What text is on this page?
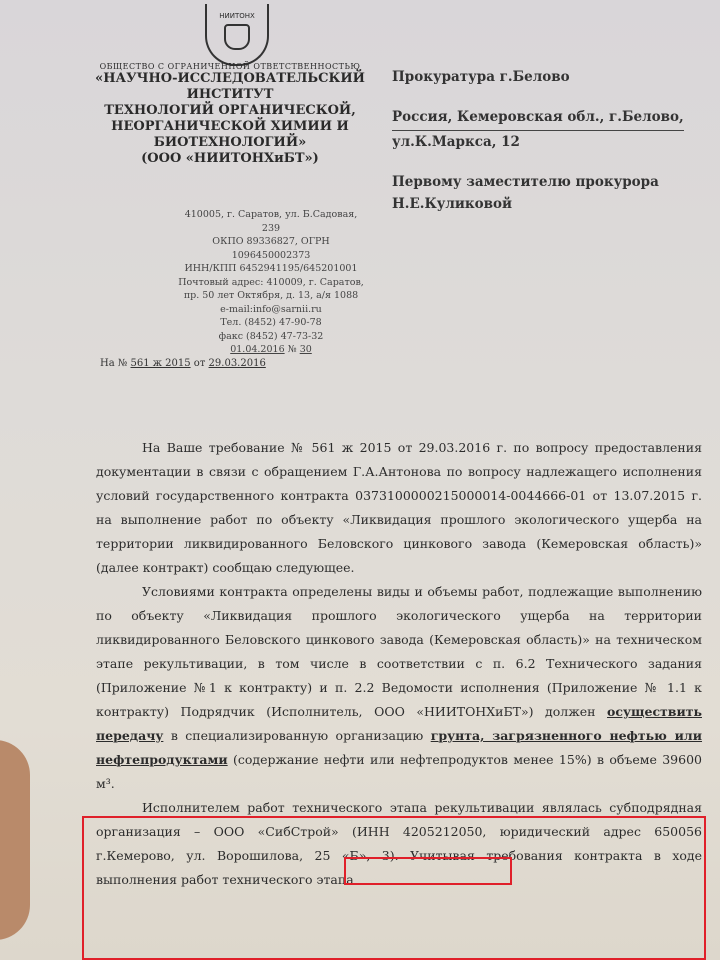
НИИТОНХ
ОБЩЕСТВО С ОГРАНИЧЕННОЙ ОТВЕТСТВЕННОСТЬЮ
«НАУЧНО-ИССЛЕДОВАТЕЛЬСКИЙ
ИНСТИТУТ
ТЕХНОЛОГИЙ ОРГАНИЧЕСКОЙ,
НЕОРГАНИЧЕСКОЙ ХИМИИ И
БИОТЕХНОЛОГИЙ»
(ООО «НИИТОНХиБТ»)
410005, г. Саратов, ул. Б.Садовая, 239
ОКПО 89336827, ОГРН 1096450002373
ИНН/КПП 6452941195/645201001
Почтовый адрес: 410009, г. Саратов,
пр. 50 лет Октября, д. 13, а/я 1088
e-mail:info@sarnii.ru
Тел. (8452) 47-90-78
факс (8452) 47-73-32
01.04.2016 № 30
На № 561 ж 2015 от 29.03.2016
Прокуратура г.Белово
Россия, Кемеровская обл., г.Белово,
ул.К.Маркса, 12
Первому заместителю прокурора
Н.Е.Куликовой

На Ваше требование № 561 ж 2015 от 29.03.2016 г. по вопросу предоставления документации в связи с обращением Г.А.Антонова по вопросу надлежащего исполнения условий государственного контракта 0373100000215000014-0044666-01 от 13.07.2015 г. на выполнение работ по объекту «Ликвидация прошлого экологического ущерба на территории ликвидированного Беловского цинкового завода (Кемеровская область)» (далее контракт) сообщаю следующее.

Условиями контракта определены виды и объемы работ, подлежащие выполнению по объекту «Ликвидация прошлого экологического ущерба на территории ликвидированного Беловского цинкового завода (Кемеровская область)» на техническом этапе рекультивации, в том числе в соответствии с п. 6.2 Технического задания (Приложение №1 к контракту) и п. 2.2 Ведомости исполнения (Приложение № 1.1 к контракту) Подрядчик (Исполнитель, ООО «НИИТОНХиБТ») должен осуществить передачу в специализированную организацию грунта, загрязненного нефтью или нефтепродуктами (содержание нефти или нефтепродуктов менее 15%) в объеме 39600 м³.

Исполнителем работ технического этапа рекультивации являлась субподрядная организация – ООО «СибСтрой» (ИНН 4205212050, юридический адрес 650056 г.Кемерово, ул. Ворошилова, 25 «Б», 3). Учитывая требования контракта в ходе выполнения работ технического этапа
